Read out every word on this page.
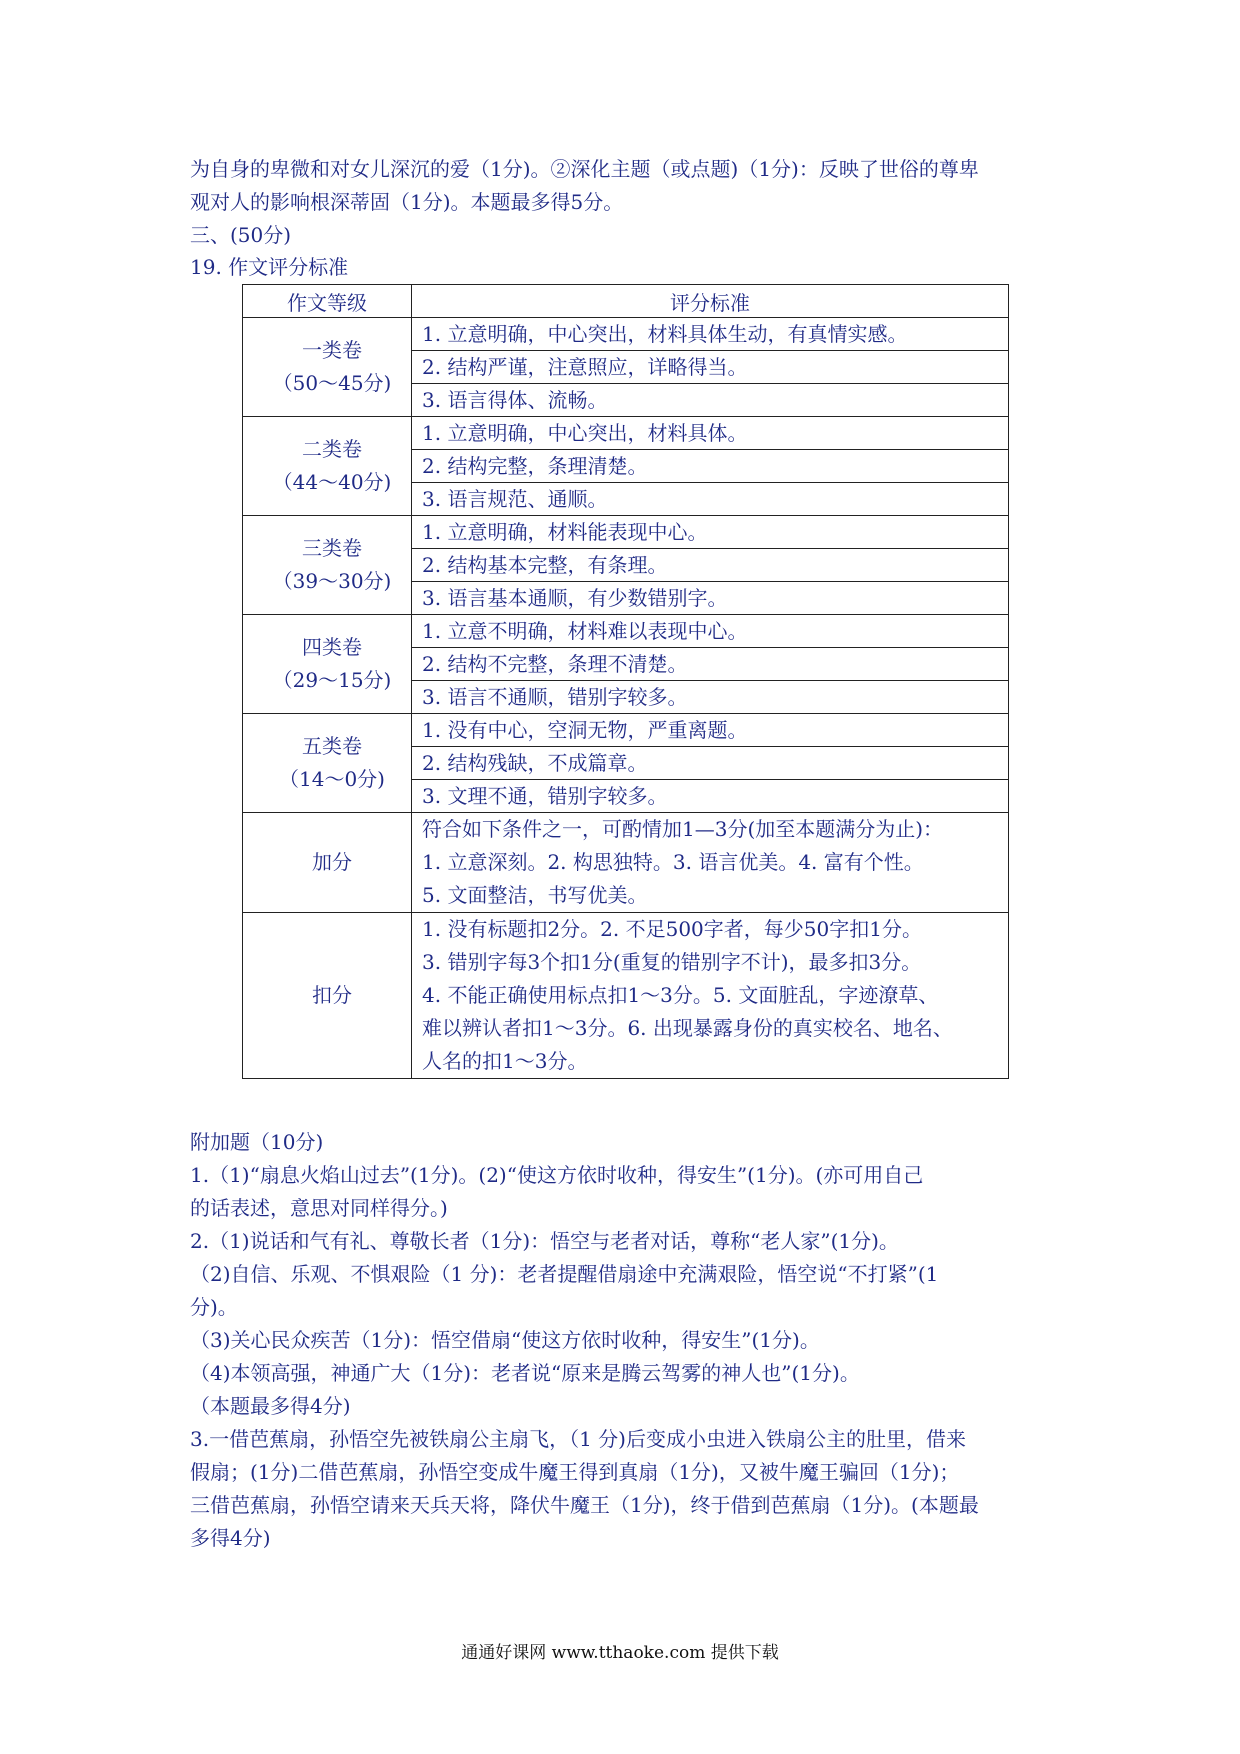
为自身的卑微和对女儿深沉的爱（1分)。②深化主题（或点题)（1分)：反映了世俗的尊卑
观对人的影响根深蒂固（1分)。本题最多得5分。
三、(50分)
19. 作文评分标准
作文等级	评分标准

一类卷
（50～45分)	1. 立意明确，中心突出，材料具体生动，有真情实感。
	2. 结构严谨，注意照应，详略得当。
	3. 语言得体、流畅。

二类卷
（44～40分)	1. 立意明确，中心突出，材料具体。
	2. 结构完整，条理清楚。
	3. 语言规范、通顺。

三类卷
（39～30分)	1. 立意明确，材料能表现中心。
	2. 结构基本完整，有条理。
	3. 语言基本通顺，有少数错别字。

四类卷
（29～15分)	1. 立意不明确，材料难以表现中心。
	2. 结构不完整，条理不清楚。
	3. 语言不通顺，错别字较多。

五类卷
（14～0分)	1. 没有中心，空洞无物，严重离题。
	2. 结构残缺，不成篇章。
	3. 文理不通，错别字较多。
加分	符合如下条件之一，可酌情加1—3分(加至本题满分为止)：
1. 立意深刻。2. 构思独特。3. 语言优美。4. 富有个性。
5. 文面整洁，书写优美。

扣分	1. 没有标题扣2分。2. 不足500字者，每少50字扣1分。
3. 错别字每3个扣1分(重复的错别字不计)，最多扣3分。
4. 不能正确使用标点扣1～3分。5. 文面脏乱，字迹潦草、
难以辨认者扣1～3分。6. 出现暴露身份的真实校名、地名、
人名的扣1～3分。
附加题（10分)
1.（1)“扇息火焰山过去”(1分)。(2)“使这方依时收种，得安生”(1分)。(亦可用自己
的话表述，意思对同样得分。)
2.（1)说话和气有礼、尊敬长者（1分)：悟空与老者对话，尊称“老人家”(1分)。
（2)自信、乐观、不惧艰险（1 分)：老者提醒借扇途中充满艰险，悟空说“不打紧”(1
分)。
（3)关心民众疾苦（1分)：悟空借扇“使这方依时收种，得安生”(1分)。
（4)本领高强，神通广大（1分)：老者说“原来是腾云驾雾的神人也”(1分)。
（本题最多得4分)
3.一借芭蕉扇，孙悟空先被铁扇公主扇飞，（1 分)后变成小虫进入铁扇公主的肚里，借来
假扇；(1分)二借芭蕉扇，孙悟空变成牛魔王得到真扇（1分)，又被牛魔王骗回（1分)；
三借芭蕉扇，孙悟空请来天兵天将，降伏牛魔王（1分)，终于借到芭蕉扇（1分)。(本题最
多得4分)
通通好课网 www.tthaoke.com 提供下载
